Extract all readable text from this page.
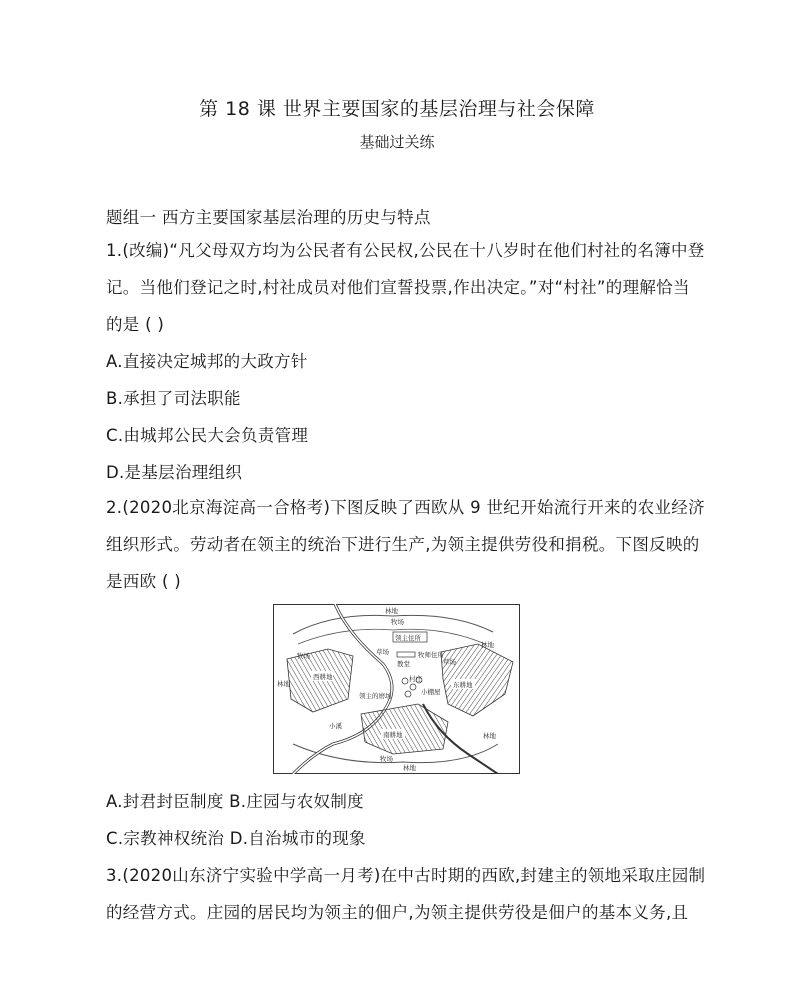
第 18 课 世界主要国家的基层治理与社会保障
基础过关练
题组一 西方主要国家基层治理的历史与特点
1.(改编)“凡父母双方均为公民者有公民权,公民在十八岁时在他们村社的名簿中登
记。当他们登记之时,村社成员对他们宣誓投票,作出决定。”对“村社”的理解恰当
的是 ( )
A.直接决定城邦的大政方针
B.承担了司法职能
C.由城邦公民大会负责管理
D.是基层治理组织
2.(2020北京海淀高一合格考)下图反映了西欧从 9 世纪开始流行开来的农业经济
组织形式。劳动者在领主的统治下进行生产,为领主提供劳役和捐税。下图反映的
是西欧 ( )
林地
林地
林地
林地
林地
牧场
牧场
牧场
草场
草场
领主住所
牧师住所
教堂
西耕地
东耕地
南耕地
领主的磨坊
村庄
小棚屋
小溪
A.封君封臣制度 B.庄园与农奴制度
C.宗教神权统治 D.自治城市的现象
3.(2020山东济宁实验中学高一月考)在中古时期的西欧,封建主的领地采取庄园制
的经营方式。庄园的居民均为领主的佃户,为领主提供劳役是佃户的基本义务,且
